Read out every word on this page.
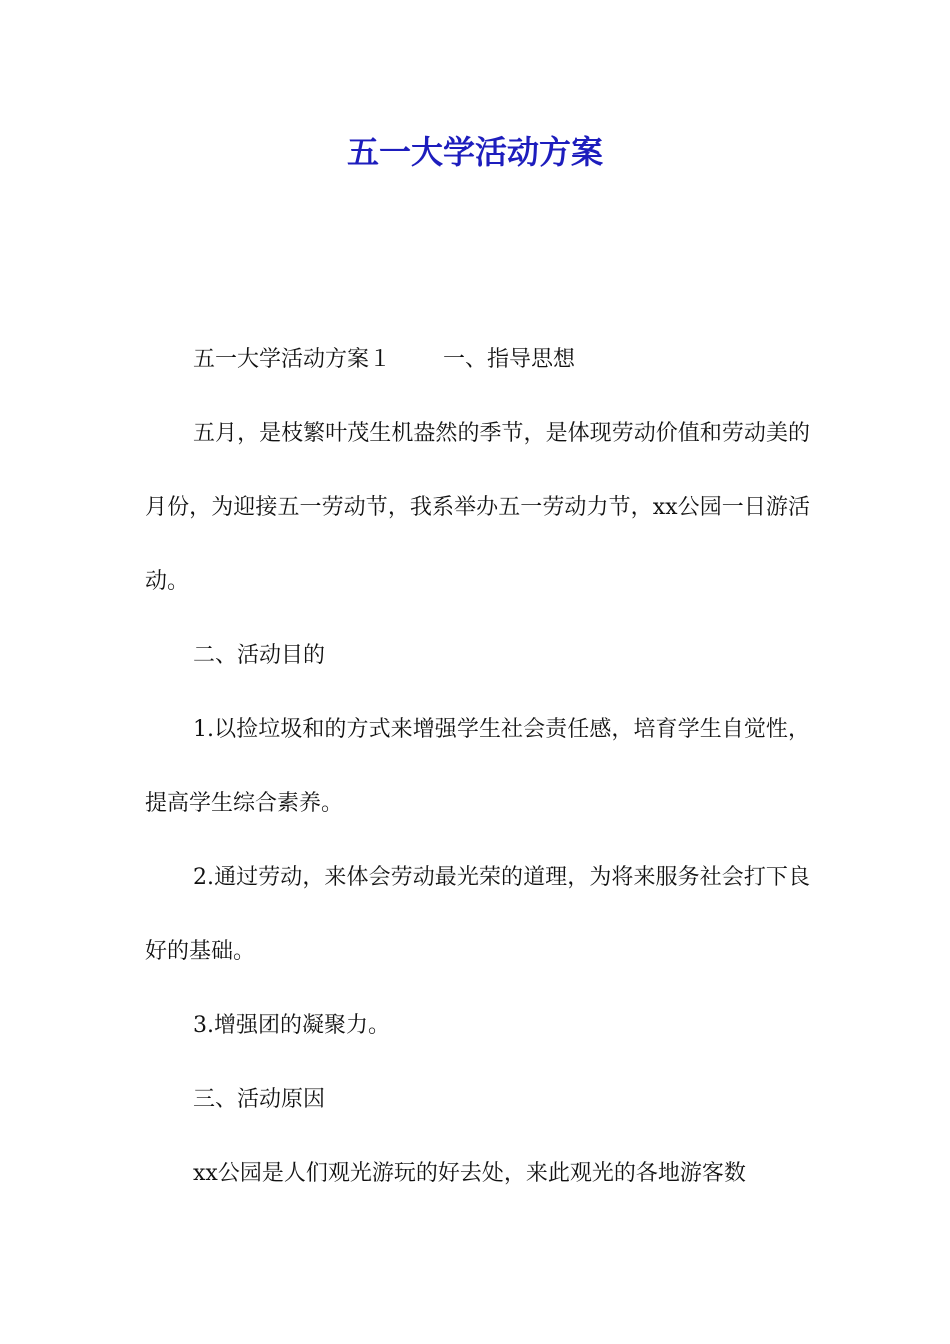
五一大学活动方案

五一大学活动方案１ 一、指导思想

五月，是枝繁叶茂生机盎然的季节，是体现劳动价值和劳动美的月份，为迎接五一劳动节，我系举办五一劳动力节，xx公园一日游活动。

二、活动目的

1.以捡垃圾和的方式来增强学生社会责任感，培育学生自觉性，提高学生综合素养。

2.通过劳动，来体会劳动最光荣的道理，为将来服务社会打下良好的基础。

3.增强团的凝聚力。

三、活动原因

xx公园是人们观光游玩的好去处，来此观光的各地游客数
